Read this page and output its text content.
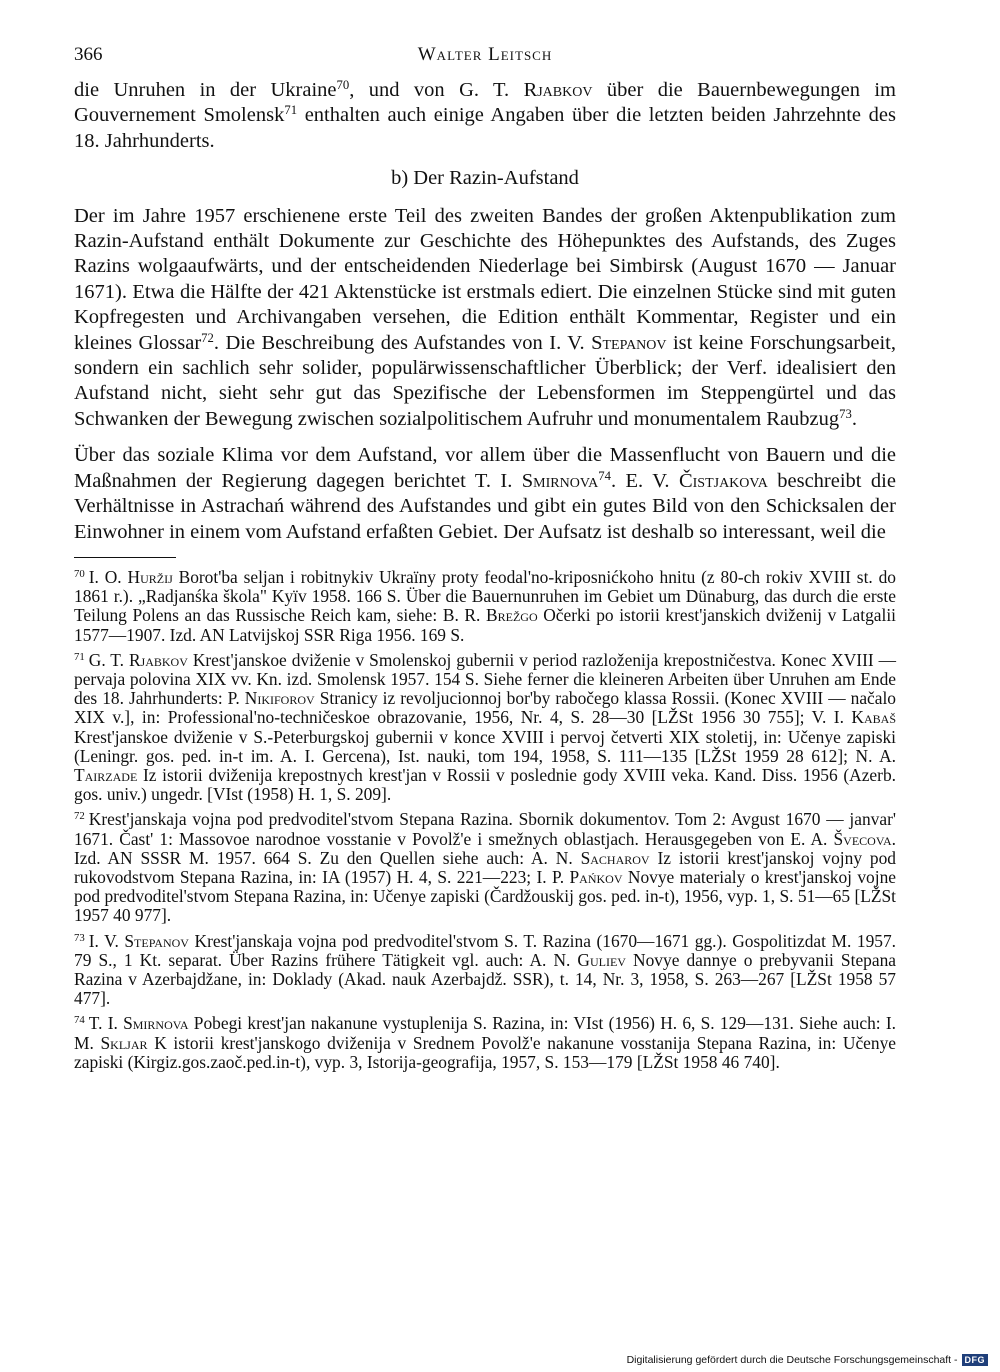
366	Walter Leitsch

die Unruhen in der Ukraine$^{70}$, und von G. T. Rjabkov über die Bauernbewegungen im Gouvernement Smolensk$^{71}$ enthalten auch einige Angaben über die letzten beiden Jahrzehnte des 18. Jahrhunderts.

b) Der Razin-Aufstand

Der im Jahre 1957 erschienene erste Teil des zweiten Bandes der großen Aktenpublikation zum Razin-Aufstand enthält Dokumente zur Geschichte des Höhepunktes des Aufstands, des Zuges Razins wolgaaufwärts, und der entscheidenden Niederlage bei Simbirsk (August 1670 — Januar 1671). Etwa die Hälfte der 421 Aktenstücke ist erstmals ediert. Die einzelnen Stücke sind mit guten Kopfregesten und Archivangaben versehen, die Edition enthält Kommentar, Register und ein kleines Glossar$^{72}$. Die Beschreibung des Aufstandes von I. V. Stepanov ist keine Forschungsarbeit, sondern ein sachlich sehr solider, populärwissenschaftlicher Überblick; der Verf. idealisiert den Aufstand nicht, sieht sehr gut das Spezifische der Lebensformen im Steppengürtel und das Schwanken der Bewegung zwischen sozialpolitischem Aufruhr und monumentalem Raubzug$^{73}$.

Über das soziale Klima vor dem Aufstand, vor allem über die Massenflucht von Bauern und die Maßnahmen der Regierung dagegen berichtet T. I. Smirnova$^{74}$. E. V. Čistjakova beschreibt die Verhältnisse in Astrachań während des Aufstandes und gibt ein gutes Bild von den Schicksalen der Einwohner in einem vom Aufstand erfaßten Gebiet. Der Aufsatz ist deshalb so interessant, weil die

$^{70}$ I. O. Huržij Borot'ba seljan i robitnykiv Ukraïny proty feodal'no-kriposnićkoho hnitu (z 80-ch rokiv XVIII st. do 1861 r.). „Radjanśka škola" Kyïv 1958. 166 S. Über die Bauernunruhen im Gebiet um Dünaburg, das durch die erste Teilung Polens an das Russische Reich kam, siehe: B. R. Brežgo Očerki po istorii krest'janskich dviženij v Latgalii 1577—1907. Izd. AN Latvijskoj SSR Riga 1956. 169 S.

$^{71}$ G. T. Rjabkov Krest'janskoe dviženie v Smolenskoj gubernii v period razloženija krepostničestva. Konec XVIII — pervaja polovina XIX vv. Kn. izd. Smolensk 1957. 154 S. Siehe ferner die kleineren Arbeiten über Unruhen am Ende des 18. Jahrhunderts: P. Nikiforov Stranicy iz revoljucionnoj bor'by rabočego klassa Rossii. (Konec XVIII — načalo XIX v.], in: Professional'no-techničeskoe obrazovanie, 1956, Nr. 4, S. 28—30 [LŽSt 1956 30 755]; V. I. Kabaš Krest'janskoe dviženie v S.-Peterburgskoj gubernii v konce XVIII i pervoj četverti XIX stoletij, in: Učenye zapiski (Leningr. gos. ped. in-t im. A. I. Gercena), Ist. nauki, tom 194, 1958, S. 111—135 [LŽSt 1959 28 612]; N. A. Tairzade Iz istorii dviženija krepostnych krest'jan v Rossii v poslednie gody XVIII veka. Kand. Diss. 1956 (Azerb. gos. univ.) ungedr. [VIst (1958) H. 1, S. 209].

$^{72}$ Krest'janskaja vojna pod predvoditel'stvom Stepana Razina. Sbornik dokumentov. Tom 2: Avgust 1670 — janvar' 1671. Čast' 1: Massovoe narodnoe vosstanie v Povolž'e i smežnych oblastjach. Herausgegeben von E. A. Švecova. Izd. AN SSSR M. 1957. 664 S. Zu den Quellen siehe auch: A. N. Sacharov Iz istorii krest'janskoj vojny pod rukovodstvom Stepana Razina, in: IA (1957) H. 4, S. 221—223; I. P. Pańkov Novye materialy o krest'janskoj vojne pod predvoditel'stvom Stepana Razina, in: Učenye zapiski (Čardžouskij gos. ped. in-t), 1956, vyp. 1, S. 51—65 [LŽSt 1957 40 977].

$^{73}$ I. V. Stepanov Krest'janskaja vojna pod predvoditel'stvom S. T. Razina (1670—1671 gg.). Gospolitizdat M. 1957. 79 S., 1 Kt. separat. Über Razins frühere Tätigkeit vgl. auch: A. N. Guliev Novye dannye o prebyvanii Stepana Razina v Azerbajdžane, in: Doklady (Akad. nauk Azerbajdž. SSR), t. 14, Nr. 3, 1958, S. 263—267 [LŽSt 1958 57 477].

$^{74}$ T. I. Smirnova Pobegi krest'jan nakanune vystuplenija S. Razina, in: VIst (1956) H. 6, S. 129—131. Siehe auch: I. M. Skljar K istorii krest'janskogo dviženija v Srednem Povolž'e nakanune vosstanija Stepana Razina, in: Učenye zapiski (Kirgiz.gos.zaoč.ped.in-t), vyp. 3, Istorija-geografija, 1957, S. 153—179 [LŽSt 1958 46 740].

Digitalisierung gefördert durch die Deutsche Forschungsgemeinschaft - DFG
